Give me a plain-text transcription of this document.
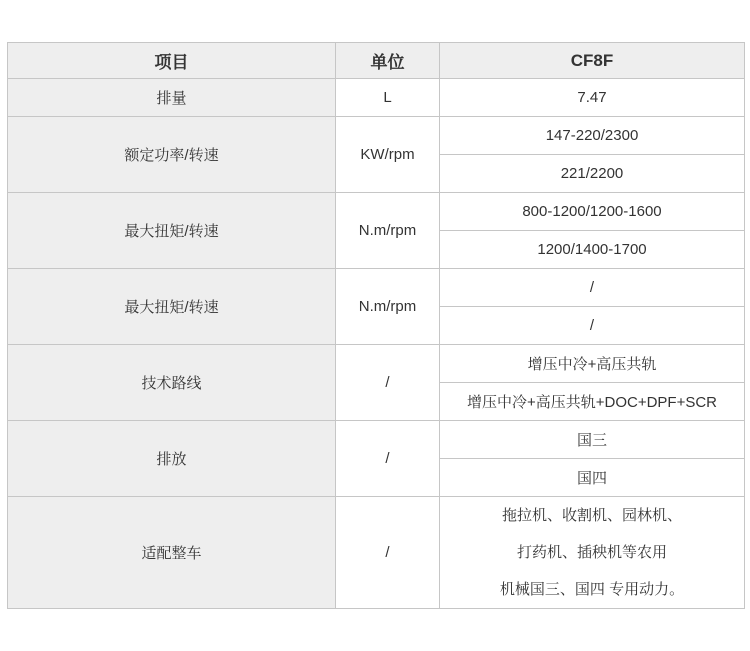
项目	单位	CF8F
排量	L	7.47
额定功率/转速	KW/rpm	147-220/2300
		221/2200
最大扭矩/转速	N.m/rpm	800-1200/1200-1600
		1200/1400-1700
最大扭矩/转速	N.m/rpm	/
		/
技术路线	/	增压中冷+高压共轨
		增压中冷+高压共轨+DOC+DPF+SCR
排放	/	国三
		国四
适配整车	/	拖拉机、收割机、园林机、
打药机、插秧机等农用
机械国三、国四 专用动力。
